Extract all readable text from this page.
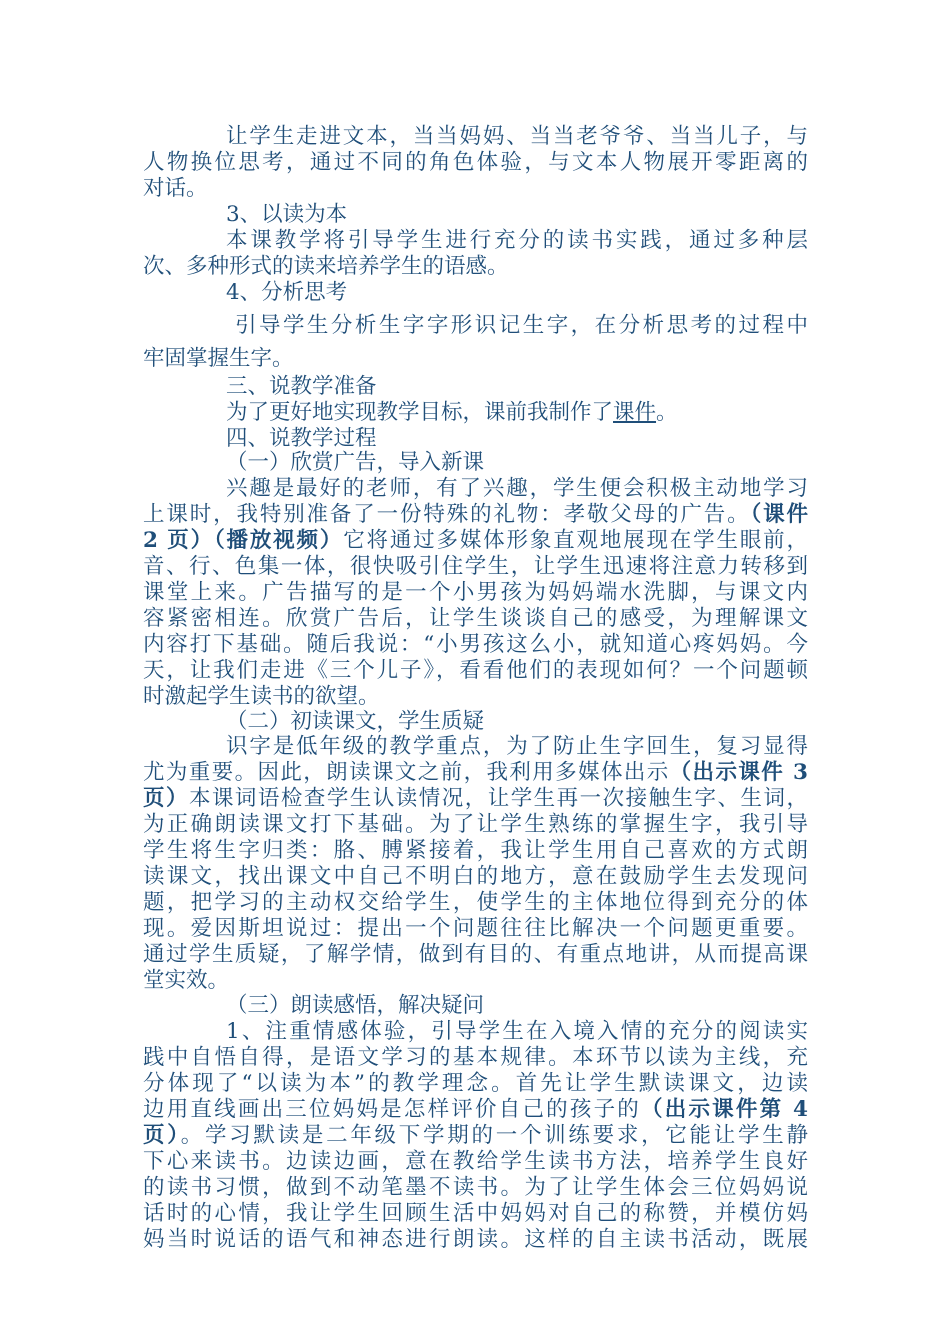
让学生走进文本，当当妈妈、当当老爷爷、当当儿子，与
人物换位思考，通过不同的角色体验，与文本人物展开零距离的
对话。
3、以读为本
本课教学将引导学生进行充分的读书实践，通过多种层
次、多种形式的读来培养学生的语感。
4、分析思考
引导学生分析生字字形识记生字，在分析思考的过程中
牢固掌握生字。
三、说教学准备
为了更好地实现教学目标，课前我制作了课件。
四、说教学过程
（一）欣赏广告，导入新课
兴趣是最好的老师，有了兴趣，学生便会积极主动地学习
上课时，我特别准备了一份特殊的礼物：孝敬父母的广告。（课件
2 页）（播放视频）它将通过多媒体形象直观地展现在学生眼前，
音、行、色集一体，很快吸引住学生，让学生迅速将注意力转移到
课堂上来。广告描写的是一个小男孩为妈妈端水洗脚，与课文内
容紧密相连。欣赏广告后，让学生谈谈自己的感受，为理解课文
内容打下基础。随后我说：“小男孩这么小，就知道心疼妈妈。今
天，让我们走进《三个儿子》，看看他们的表现如何？一个问题顿
时激起学生读书的欲望。
（二）初读课文，学生质疑
识字是低年级的教学重点，为了防止生字回生，复习显得
尤为重要。因此，朗读课文之前，我利用多媒体出示（出示课件 3
页）本课词语检查学生认读情况，让学生再一次接触生字、生词，
为正确朗读课文打下基础。为了让学生熟练的掌握生字，我引导
学生将生字归类：胳、膊紧接着，我让学生用自己喜欢的方式朗
读课文，找出课文中自己不明白的地方，意在鼓励学生去发现问
题，把学习的主动权交给学生，使学生的主体地位得到充分的体
现。爱因斯坦说过：提出一个问题往往比解决一个问题更重要。
通过学生质疑，了解学情，做到有目的、有重点地讲，从而提高课
堂实效。
（三）朗读感悟，解决疑问
1、注重情感体验，引导学生在入境入情的充分的阅读实
践中自悟自得，是语文学习的基本规律。本环节以读为主线，充
分体现了“以读为本”的教学理念。首先让学生默读课文，边读
边用直线画出三位妈妈是怎样评价自己的孩子的（出示课件第 4
页）。学习默读是二年级下学期的一个训练要求，它能让学生静
下心来读书。边读边画，意在教给学生读书方法，培养学生良好
的读书习惯，做到不动笔墨不读书。为了让学生体会三位妈妈说
话时的心情，我让学生回顾生活中妈妈对自己的称赞，并模仿妈
妈当时说话的语气和神态进行朗读。这样的自主读书活动，既展
